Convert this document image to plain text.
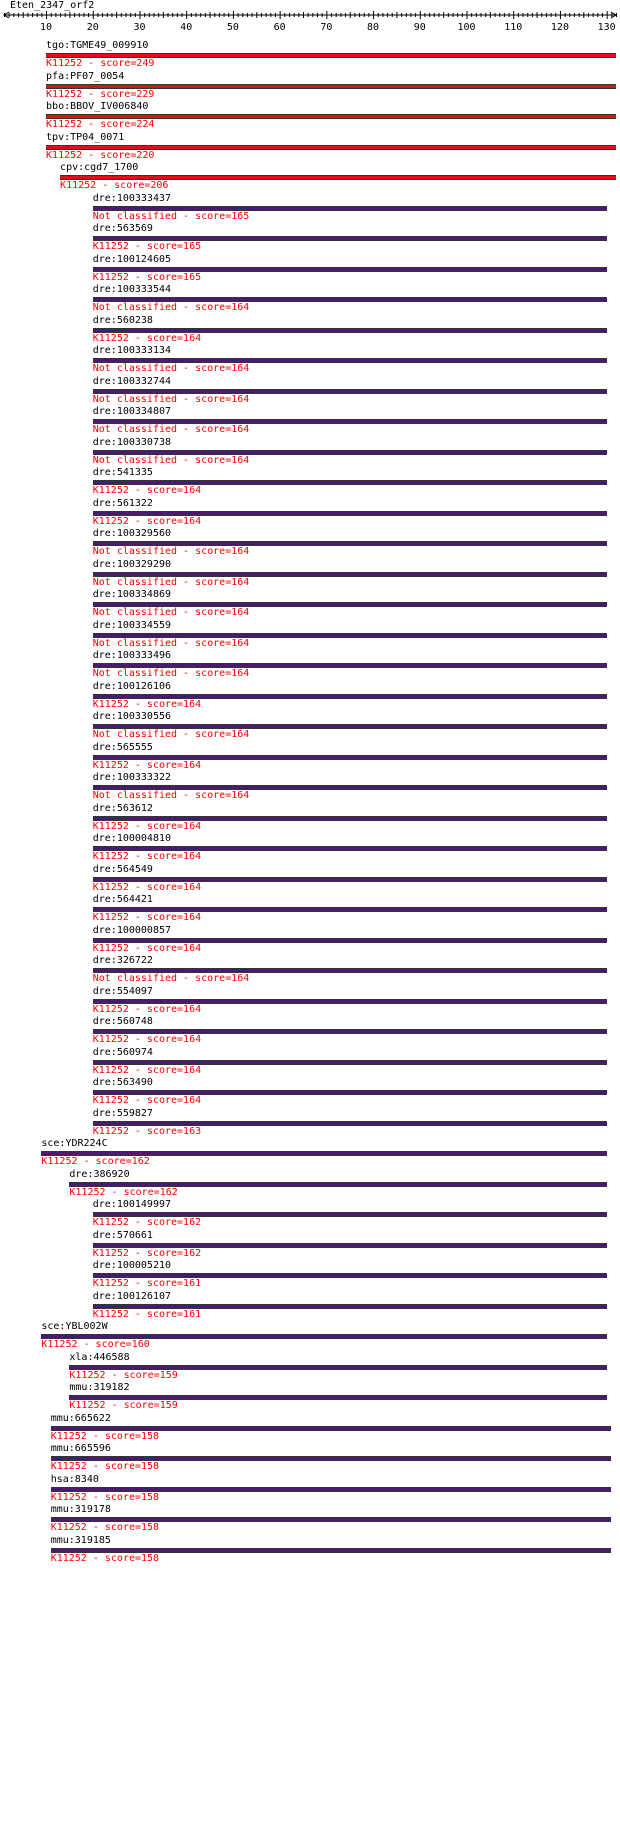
Eten_2347_orf2
10	20	30	40	50	60	70	80	90	100	110	120	130
tgo:TGME49_009910
K11252 - score=249
pfa:PF07_0054
K11252 - score=229
bbo:BBOV_IV006840
K11252 - score=224
tpv:TP04_0071
K11252 - score=220
cpv:cgd7_1700
K11252 - score=206
dre:100333437
Not classified - score=165
dre:563569
K11252 - score=165
dre:100124605
K11252 - score=165
dre:100333544
Not classified - score=164
dre:560238
K11252 - score=164
dre:100333134
Not classified - score=164
dre:100332744
Not classified - score=164
dre:100334807
Not classified - score=164
dre:100330738
Not classified - score=164
dre:541335
K11252 - score=164
dre:561322
K11252 - score=164
dre:100329560
Not classified - score=164
dre:100329290
Not classified - score=164
dre:100334869
Not classified - score=164
dre:100334559
Not classified - score=164
dre:100333496
Not classified - score=164
dre:100126106
K11252 - score=164
dre:100330556
Not classified - score=164
dre:565555
K11252 - score=164
dre:100333322
Not classified - score=164
dre:563612
K11252 - score=164
dre:100004810
K11252 - score=164
dre:564549
K11252 - score=164
dre:564421
K11252 - score=164
dre:100000857
K11252 - score=164
dre:326722
Not classified - score=164
dre:554097
K11252 - score=164
dre:560748
K11252 - score=164
dre:560974
K11252 - score=164
dre:563490
K11252 - score=164
dre:559827
K11252 - score=163
sce:YDR224C
K11252 - score=162
dre:386920
K11252 - score=162
dre:100149997
K11252 - score=162
dre:570661
K11252 - score=162
dre:100005210
K11252 - score=161
dre:100126107
K11252 - score=161
sce:YBL002W
K11252 - score=160
xla:446588
K11252 - score=159
mmu:319182
K11252 - score=159
mmu:665622
K11252 - score=158
mmu:665596
K11252 - score=158
hsa:8340
K11252 - score=158
mmu:319178
K11252 - score=158
mmu:319185
K11252 - score=158
